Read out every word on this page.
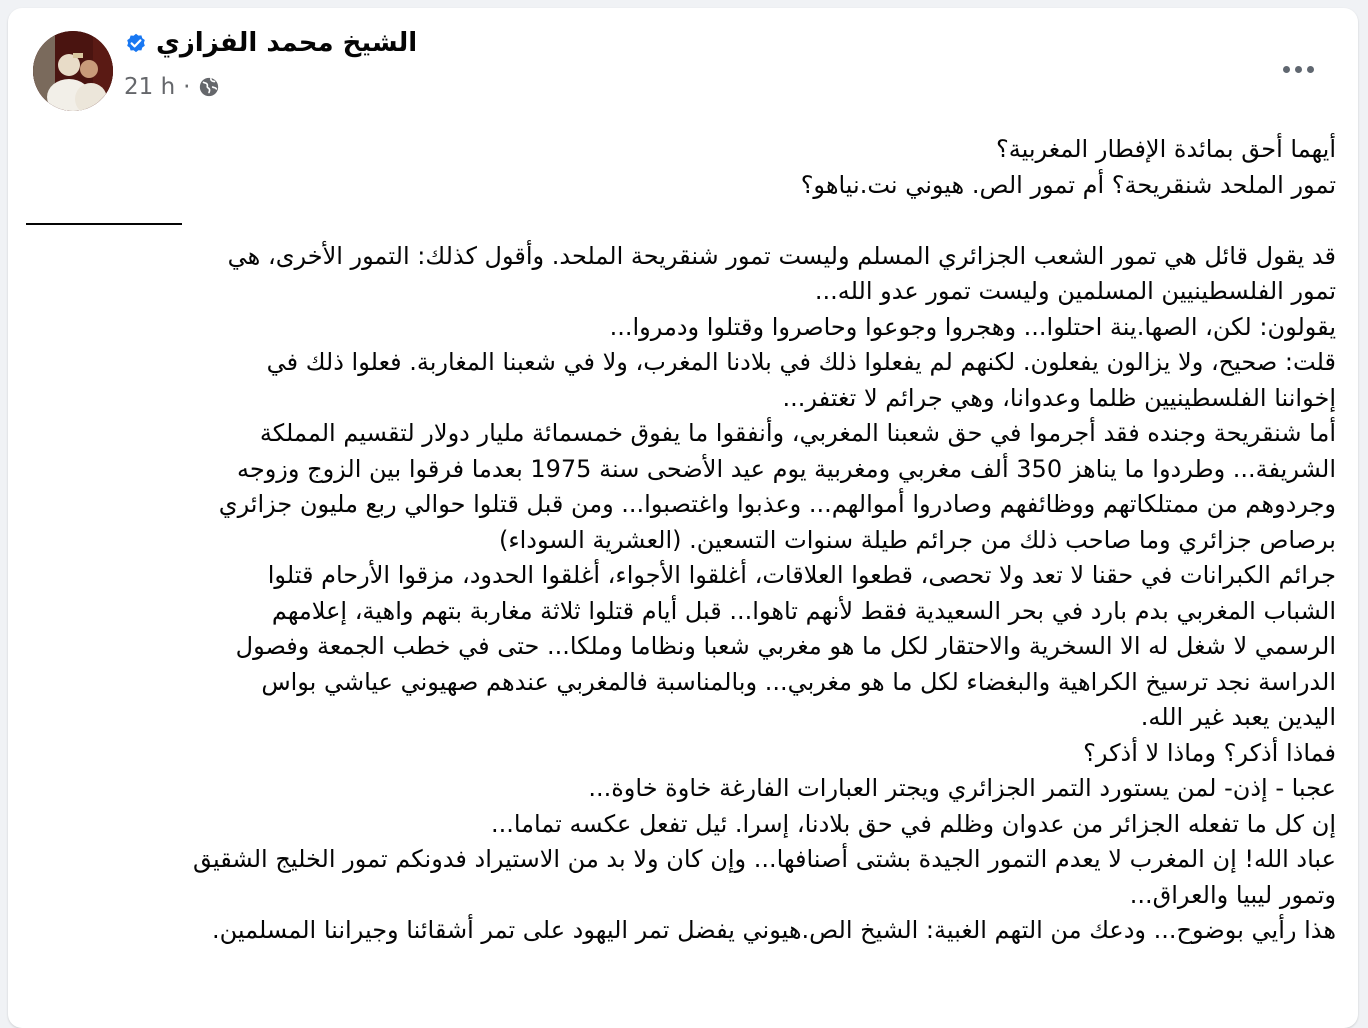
الشيخ محمد الفزازي
21 h ·
أيهما أحق بمائدة الإفطار المغربية؟
تمور الملحد شنقريحة؟ أم تمور الص. هيوني نت.نياهو؟

قد يقول قائل هي تمور الشعب الجزائري المسلم وليست تمور شنقريحة الملحد. وأقول كذلك: التمور الأخرى، هي
تمور الفلسطينيين المسلمين وليست تمور عدو الله...
يقولون: لكن، الصها.ينة احتلوا... وهجروا وجوعوا وحاصروا وقتلوا ودمروا...
قلت: صحيح، ولا يزالون يفعلون. لكنهم لم يفعلوا ذلك في بلادنا المغرب، ولا في شعبنا المغاربة. فعلوا ذلك في
إخواننا الفلسطينيين ظلما وعدوانا، وهي جرائم لا تغتفر...
أما شنقريحة وجنده فقد أجرموا في حق شعبنا المغربي، وأنفقوا ما يفوق خمسمائة مليار دولار لتقسيم المملكة
الشريفة... وطردوا ما يناهز 350 ألف مغربي ومغربية يوم عيد الأضحى سنة 1975 بعدما فرقوا بين الزوج وزوجه
وجردوهم من ممتلكاتهم ووظائفهم وصادروا أموالهم... وعذبوا واغتصبوا... ومن قبل قتلوا حوالي ربع مليون جزائري
برصاص جزائري وما صاحب ذلك من جرائم طيلة سنوات التسعين. (العشرية السوداء)
جرائم الكبرانات في حقنا لا تعد ولا تحصى، قطعوا العلاقات، أغلقوا الأجواء، أغلقوا الحدود، مزقوا الأرحام قتلوا
الشباب المغربي بدم بارد في بحر السعيدية فقط لأنهم تاهوا... قبل أيام قتلوا ثلاثة مغاربة بتهم واهية، إعلامهم
الرسمي لا شغل له الا السخرية والاحتقار لكل ما هو مغربي شعبا ونظاما وملكا... حتى في خطب الجمعة وفصول
الدراسة نجد ترسيخ الكراهية والبغضاء لكل ما هو مغربي... وبالمناسبة فالمغربي عندهم صهيوني عياشي بواس
اليدين يعبد غير الله.
فماذا أذكر؟ وماذا لا أذكر؟
عجبا - إذن- لمن يستورد التمر الجزائري ويجتر العبارات الفارغة خاوة خاوة...
إن كل ما تفعله الجزائر من عدوان وظلم في حق بلادنا، إسرا. ئيل تفعل عكسه تماما...
عباد الله! إن المغرب لا يعدم التمور الجيدة بشتى أصنافها... وإن كان ولا بد من الاستيراد فدونكم تمور الخليج الشقيق
وتمور ليبيا والعراق...
هذا رأيي بوضوح... ودعك من التهم الغبية: الشيخ الص.هيوني يفضل تمر اليهود على تمر أشقائنا وجيراننا المسلمين.
